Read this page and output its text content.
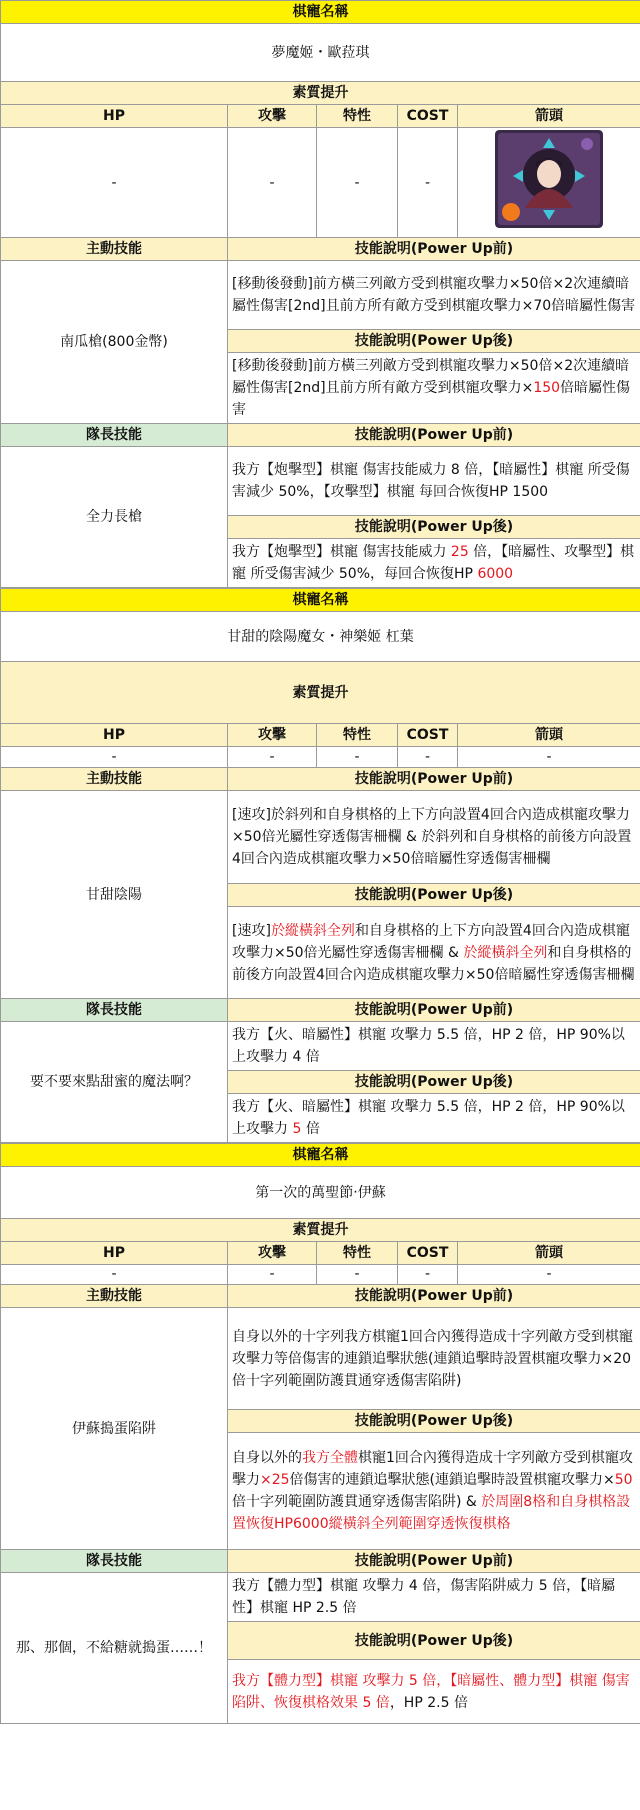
棋寵名稱				
夢魔姬・歐菈琪				
素質提升				
HP	攻擊	特性	COST	箭頭
-	-	-	-	
主動技能	技能說明(Power Up前)			
南瓜槍(800金幣)	[移動後發動]前方橫三列敵方受到棋寵攻擊力×50倍×2次連續暗屬性傷害[2nd]且前方所有敵方受到棋寵攻擊力×70倍暗屬性傷害			
	技能說明(Power Up後)			
	[移動後發動]前方橫三列敵方受到棋寵攻擊力×50倍×2次連續暗屬性傷害[2nd]且前方所有敵方受到棋寵攻擊力×150倍暗屬性傷害			
隊長技能	技能說明(Power Up前)			
全力長槍	我方【炮擊型】棋寵 傷害技能威力 8 倍，【暗屬性】棋寵 所受傷害減少 50%，【攻擊型】棋寵 每回合恢復HP 1500			
	技能說明(Power Up後)			
	我方【炮擊型】棋寵 傷害技能威力 25 倍，【暗屬性、攻擊型】棋寵 所受傷害減少 50%，每回合恢復HP 6000			
棋寵名稱				
甘甜的陰陽魔女・神樂姬 杠葉				
素質提升				
HP	攻擊	特性	COST	箭頭
-	-	-	-	-
主動技能	技能說明(Power Up前)			
甘甜陰陽	[速攻]於斜列和自身棋格的上下方向設置4回合內造成棋寵攻擊力×50倍光屬性穿透傷害柵欄 & 於斜列和自身棋格的前後方向設置4回合內造成棋寵攻擊力×50倍暗屬性穿透傷害柵欄			
	技能說明(Power Up後)			
	[速攻]於縱橫斜全列和自身棋格的上下方向設置4回合內造成棋寵攻擊力×50倍光屬性穿透傷害柵欄 & 於縱橫斜全列和自身棋格的前後方向設置4回合內造成棋寵攻擊力×50倍暗屬性穿透傷害柵欄			
隊長技能	技能說明(Power Up前)			
要不要來點甜蜜的魔法啊？	我方【火、暗屬性】棋寵 攻擊力 5.5 倍，HP 2 倍，HP 90%以上攻擊力 4 倍			
	技能說明(Power Up後)			
	我方【火、暗屬性】棋寵 攻擊力 5.5 倍，HP 2 倍，HP 90%以上攻擊力 5 倍			
棋寵名稱				
第一次的萬聖節‧伊蘇				
素質提升				
HP	攻擊	特性	COST	箭頭
-	-	-	-	-
主動技能	技能說明(Power Up前)			
伊蘇搗蛋陷阱	自身以外的十字列我方棋寵1回合內獲得造成十字列敵方受到棋寵攻擊力等倍傷害的連鎖追擊狀態(連鎖追擊時設置棋寵攻擊力×20倍十字列範圍防護貫通穿透傷害陷阱)			
	技能說明(Power Up後)			
	自身以外的我方全體棋寵1回合內獲得造成十字列敵方受到棋寵攻擊力×25倍傷害的連鎖追擊狀態(連鎖追擊時設置棋寵攻擊力×50倍十字列範圍防護貫通穿透傷害陷阱) & 於周圍8格和自身棋格設置恢復HP6000縱橫斜全列範圍穿透恢復棋格			
隊長技能	技能說明(Power Up前)			
那、那個，不給糖就搗蛋……！	我方【體力型】棋寵 攻擊力 4 倍，傷害陷阱威力 5 倍，【暗屬性】棋寵 HP 2.5 倍			
	技能說明(Power Up後)			
	我方【體力型】棋寵 攻擊力 5 倍，【暗屬性、體力型】棋寵 傷害陷阱、恢復棋格效果 5 倍，HP 2.5 倍			
